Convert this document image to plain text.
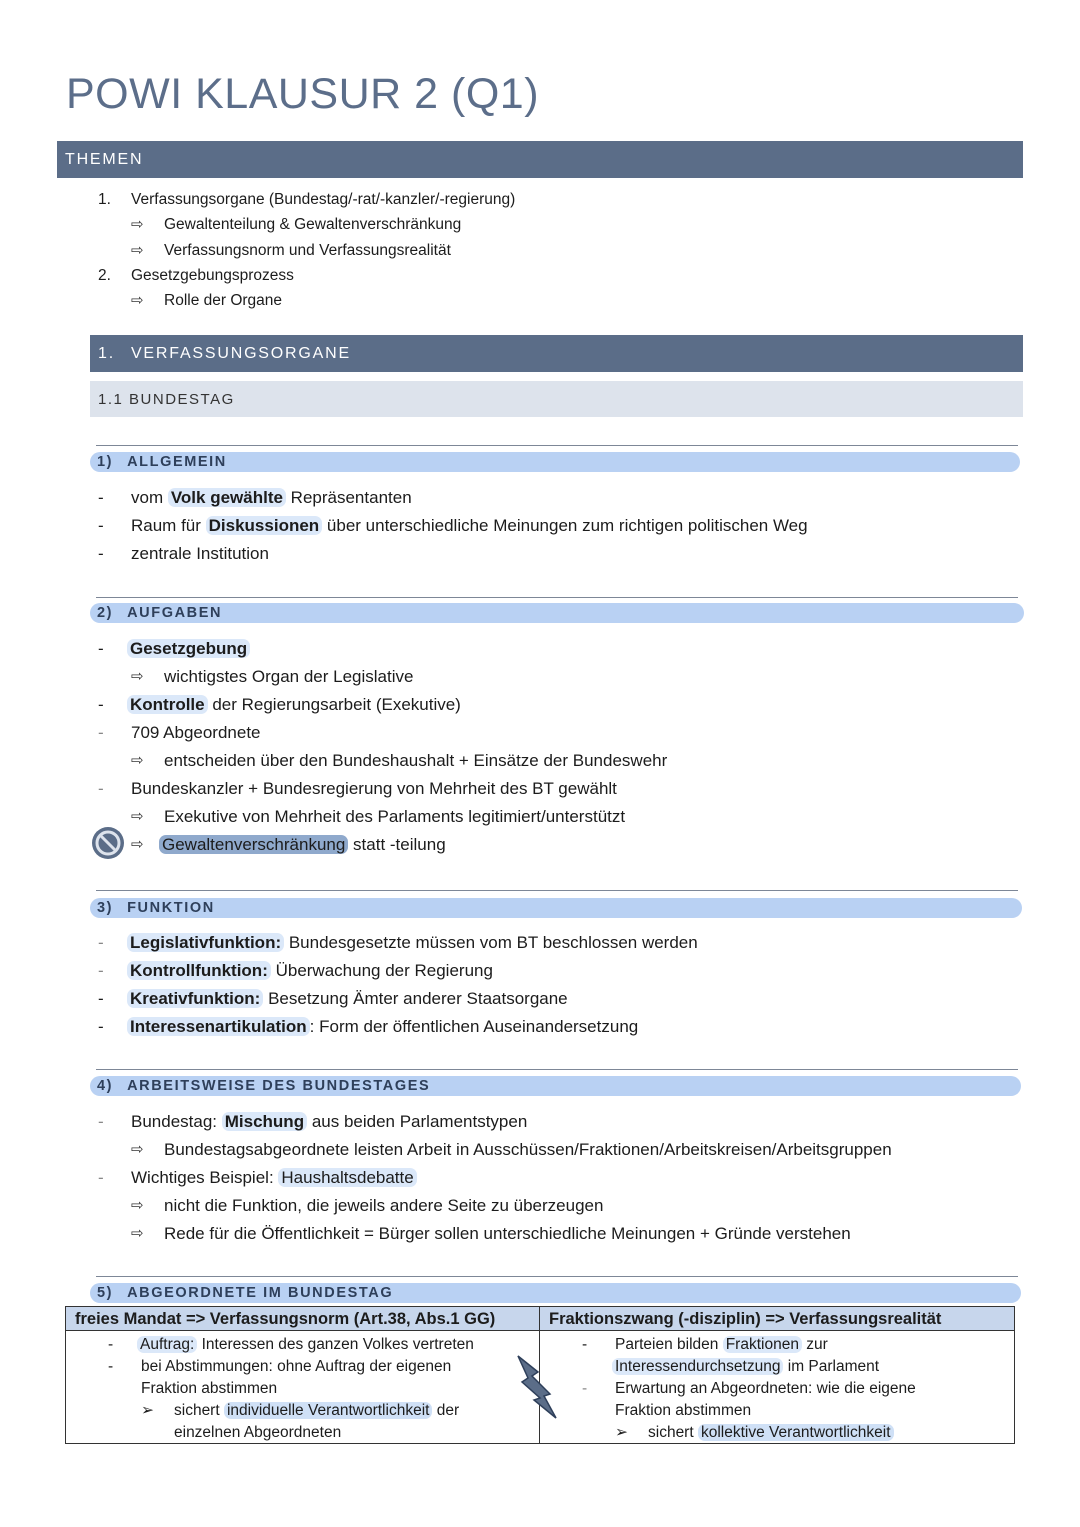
POWI KLAUSUR 2 (Q1)
THEMEN
1. Verfassungsorgane (Bundestag/-rat/-kanzler/-regierung)
⇨ Gewaltenteilung & Gewaltenverschränkung
⇨ Verfassungsnorm und Verfassungsrealität
2. Gesetzgebungsprozess
⇨ Rolle der Organe
1. VERFASSUNGSORGANE
1.1 BUNDESTAG
1) ALLGEMEIN
- vom Volk gewählte Repräsentanten
- Raum für Diskussionen über unterschiedliche Meinungen zum richtigen politischen Weg
- zentrale Institution
2) AUFGABEN
- Gesetzgebung
⇨ wichtigstes Organ der Legislative
- Kontrolle der Regierungsarbeit (Exekutive)
- 709 Abgeordnete
⇨ entscheiden über den Bundeshaushalt + Einsätze der Bundeswehr
- Bundeskanzler + Bundesregierung von Mehrheit des BT gewählt
⇨ Exekutive von Mehrheit des Parlaments legitimiert/unterstützt
⇨ Gewaltenverschränkung statt -teilung
3) FUNKTION
- Legislativfunktion: Bundesgesetzte müssen vom BT beschlossen werden
- Kontrollfunktion: Überwachung der Regierung
- Kreativfunktion: Besetzung Ämter anderer Staatsorgane
- Interessenartikulation : Form der öffentlichen Auseinandersetzung
4) ARBEITSWEISE DES BUNDESTAGES
- Bundestag: Mischung aus beiden Parlamentstypen
⇨ Bundestagsabgeordnete leisten Arbeit in Ausschüssen/Fraktionen/Arbeitskreisen/Arbeitsgruppen
- Wichtiges Beispiel: Haushaltsdebatte
⇨ nicht die Funktion, die jeweils andere Seite zu überzeugen
⇨ Rede für die Öffentlichkeit = Bürger sollen unterschiedliche Meinungen + Gründe verstehen
5) ABGEORDNETE IM BUNDESTAG
freies Mandat => Verfassungsnorm (Art.38, Abs.1 GG)	Fraktionszwang (-disziplin) => Verfassungsrealität
- Auftrag: Interessen des ganzen Volkes vertreten
- bei Abstimmungen: ohne Auftrag der eigenen
Fraktion abstimmen
➢ sichert individuelle Verantwortlichkeit der
einzelnen Abgeordneten
- Parteien bilden Fraktionen zur
Interessendurchsetzung im Parlament
- Erwartung an Abgeordneten: wie die eigene
Fraktion abstimmen
➢ sichert kollektive Verantwortlichkeit
